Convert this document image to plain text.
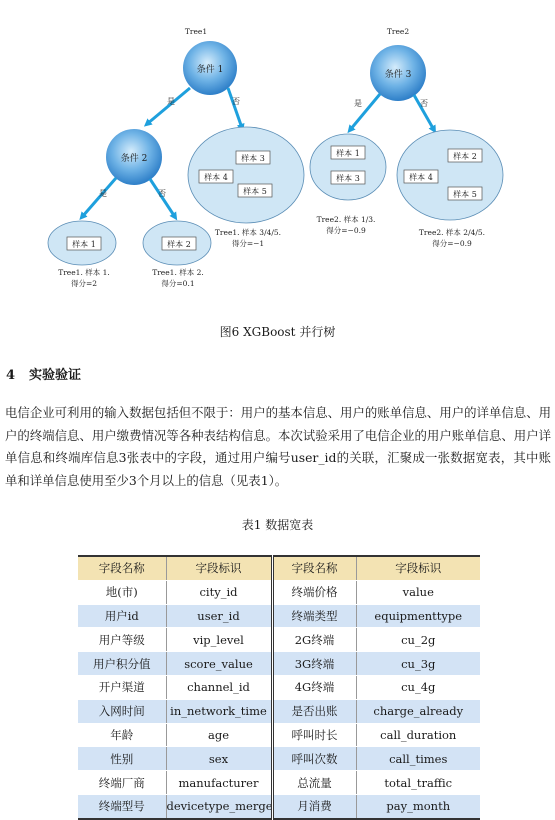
Tree1
条件 1
是	否
条件 2
是	否
样本 3
样本 4
样本 5
Tree1. 样本 3/4/5.
得分=−1
样本 1
Tree1. 样本 1.
得分=2
样本 2
Tree1. 样本 2.
得分=0.1
Tree2
条件 3
是	否
样本 1
样本 3
Tree2. 样本 1/3.
得分=−0.9
样本 2
样本 4
样本 5
Tree2. 样本 2/4/5.
得分=−0.9
图6 XGBoost 并行树
4 实验验证
电信企业可利用的输入数据包括但不限于：用户的基本信息、用户的账单信息、用户的详单信息、用户的终端信息、用户缴费情况等各种表结构信息。本次试验采用了电信企业的用户账单信息、用户详单信息和终端库信息3张表中的字段，通过用户编号user_id的关联，汇聚成一张数据宽表，其中账单和详单信息使用至少3个月以上的信息（见表1）。
表1 数据宽表
字段名称	字段标识	字段名称	字段标识
地(市)	city_id	终端价格	value
用户id	user_id	终端类型	equipmenttype
用户等级	vip_level	2G终端	cu_2g
用户积分值	score_value	3G终端	cu_3g
开户渠道	channel_id	4G终端	cu_4g
入网时间	in_network_time	是否出账	charge_already
年龄	age	呼叫时长	call_duration
性别	sex	呼叫次数	call_times
终端厂商	manufacturer	总流量	total_traffic
终端型号	devicetype_merge	月消费	pay_month
